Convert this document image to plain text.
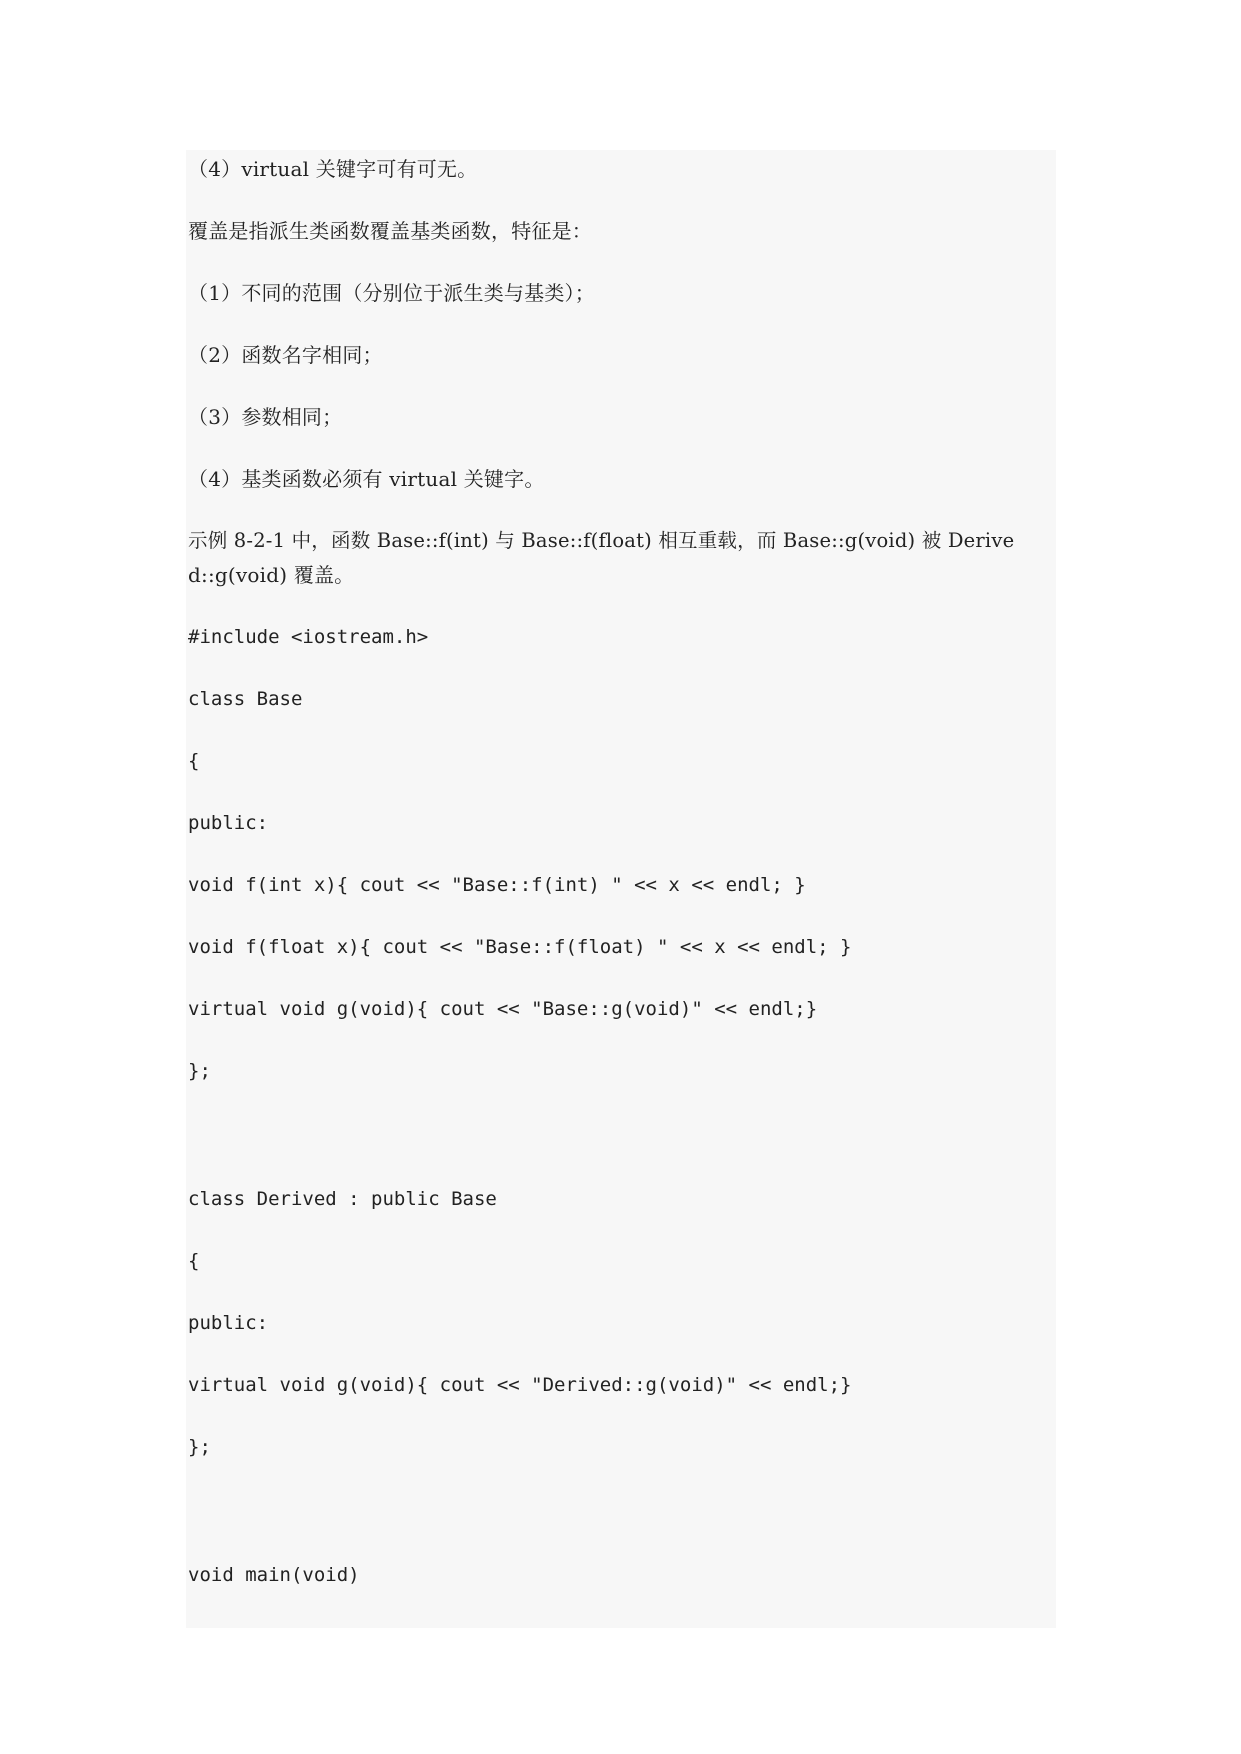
（4）virtual 关键字可有可无。

覆盖是指派生类函数覆盖基类函数，特征是：

（1）不同的范围（分别位于派生类与基类）；

（2）函数名字相同；

（3）参数相同；

（4）基类函数必须有 virtual 关键字。

示例 8-2-1 中，函数 Base::f(int) 与 Base::f(float) 相互重载，而 Base::g(void) 被 Derive

d::g(void) 覆盖。

#include <iostream.h>

class Base

{

public:

void f(int x){ cout << "Base::f(int) " << x << endl; }

void f(float x){ cout << "Base::f(float) " << x << endl; }

virtual void g(void){ cout << "Base::g(void)" << endl;}

};

class Derived : public Base

{

public:

virtual void g(void){ cout << "Derived::g(void)" << endl;}

};

void main(void)
